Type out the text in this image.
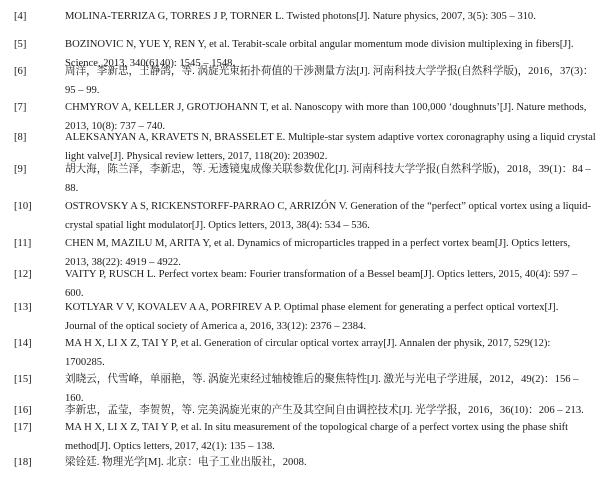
[4]	MOLINA-TERRIZA G, TORRES J P, TORNER L. Twisted photons[J]. Nature physics, 2007, 3(5): 305 – 310.
[5]	BOZINOVIC N, YUE Y, REN Y, et al. Terabit-scale orbital angular momentum mode division multiplexing in fibers[J].
Science, 2013, 340(6140): 1545 – 1548.
[6]	周洋，李新忠，王静鸽，等. 涡旋光束拓扑荷值的干涉测量方法[J]. 河南科技大学学报(自然科学版)，2016，37(3)：
95 – 99.
[7]	CHMYROV A, KELLER J, GROTJOHANN T, et al. Nanoscopy with more than 100,000 ‘doughnuts’[J]. Nature methods,
2013, 10(8): 737 – 740.
[8]	ALEKSANYAN A, KRAVETS N, BRASSELET E. Multiple-star system adaptive vortex coronagraphy using a liquid crystal
light valve[J]. Physical review letters, 2017, 118(20): 203902.
[9]	胡大海，陈兰泽，李新忠，等. 无透镜鬼成像关联参数优化[J]. 河南科技大学学报(自然科学版)，2018，39(1)：84 –
88.
[10]	OSTROVSKY A S, RICKENSTORFF-PARRAO C, ARRIZÓN V. Generation of the “perfect” optical vortex using a liquid-
crystal spatial light modulator[J]. Optics letters, 2013, 38(4): 534 – 536.
[11]	CHEN M, MAZILU M, ARITA Y, et al. Dynamics of microparticles trapped in a perfect vortex beam[J]. Optics letters,
2013, 38(22): 4919 – 4922.
[12]	VAITY P, RUSCH L. Perfect vortex beam: Fourier transformation of a Bessel beam[J]. Optics letters, 2015, 40(4): 597 –
600.
[13]	KOTLYAR V V, KOVALEV A A, PORFIREV A P. Optimal phase element for generating a perfect optical vortex[J].
Journal of the optical society of America a, 2016, 33(12): 2376 – 2384.
[14]	MA H X, LI X Z, TAI Y P, et al. Generation of circular optical vortex array[J]. Annalen der physik, 2017, 529(12):
1700285.
[15]	刘晓云，代雪峰，单丽艳，等. 涡旋光束经过轴棱锥后的聚焦特性[J]. 激光与光电子学进展，2012，49(2)：156 –
160.
[16]	李新忠，孟莹，李贺贺，等. 完美涡旋光束的产生及其空间自由调控技术[J]. 光学学报，2016，36(10)：206 – 213.
[17]	MA H X, LI X Z, TAI Y P, et al. In situ measurement of the topological charge of a perfect vortex using the phase shift
method[J]. Optics letters, 2017, 42(1): 135 – 138.
[18]	梁铨廷. 物理光学[M]. 北京：电子工业出版社，2008.
